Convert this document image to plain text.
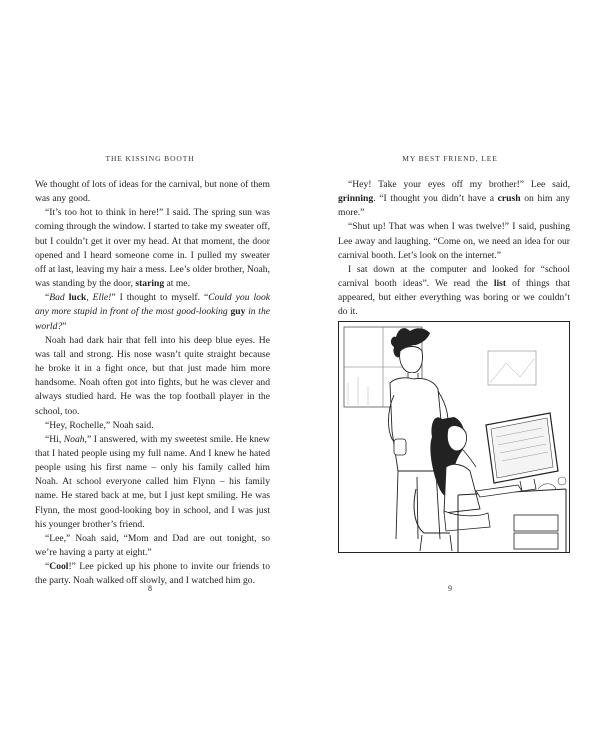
THE KISSING BOOTH

We thought of lots of ideas for the carnival, but none of them was any good.

“It’s too hot to think in here!” I said. The spring sun was coming through the window. I started to take my sweater off, but I couldn’t get it over my head. At that moment, the door opened and I heard someone come in. I pulled my sweater off at last, leaving my hair a mess. Lee’s older brother, Noah, was standing by the door, staring at me.

“Bad luck, Elle!” I thought to myself. “Could you look any more stupid in front of the most good-looking guy in the world?”

Noah had dark hair that fell into his deep blue eyes. He was tall and strong. His nose wasn’t quite straight because he broke it in a fight once, but that just made him more handsome. Noah often got into fights, but he was clever and always studied hard. He was the top football player in the school, too.

“Hey, Rochelle,” Noah said.

“Hi, Noah,” I answered, with my sweetest smile. He knew that I hated people using my full name. And I knew he hated people using his first name – only his family called him Noah. At school everyone called him Flynn – his family name. He stared back at me, but I just kept smiling. He was Flynn, the most good-looking boy in school, and I was just his younger brother’s friend.

“Lee,” Noah said, “Mom and Dad are out tonight, so we’re having a party at eight.”

“Cool!” Lee picked up his phone to invite our friends to the party. Noah walked off slowly, and I watched him go.

8
MY BEST FRIEND, LEE

“Hey! Take your eyes off my brother!” Lee said, grinning. “I thought you didn’t have a crush on him any more.”

“Shut up! That was when I was twelve!” I said, pushing Lee away and laughing. “Come on, we need an idea for our carnival booth. Let’s look on the internet.”

I sat down at the computer and looked for “school carnival booth ideas”. We read the list of things that appeared, but either everything was boring or we couldn’t do it.

9
